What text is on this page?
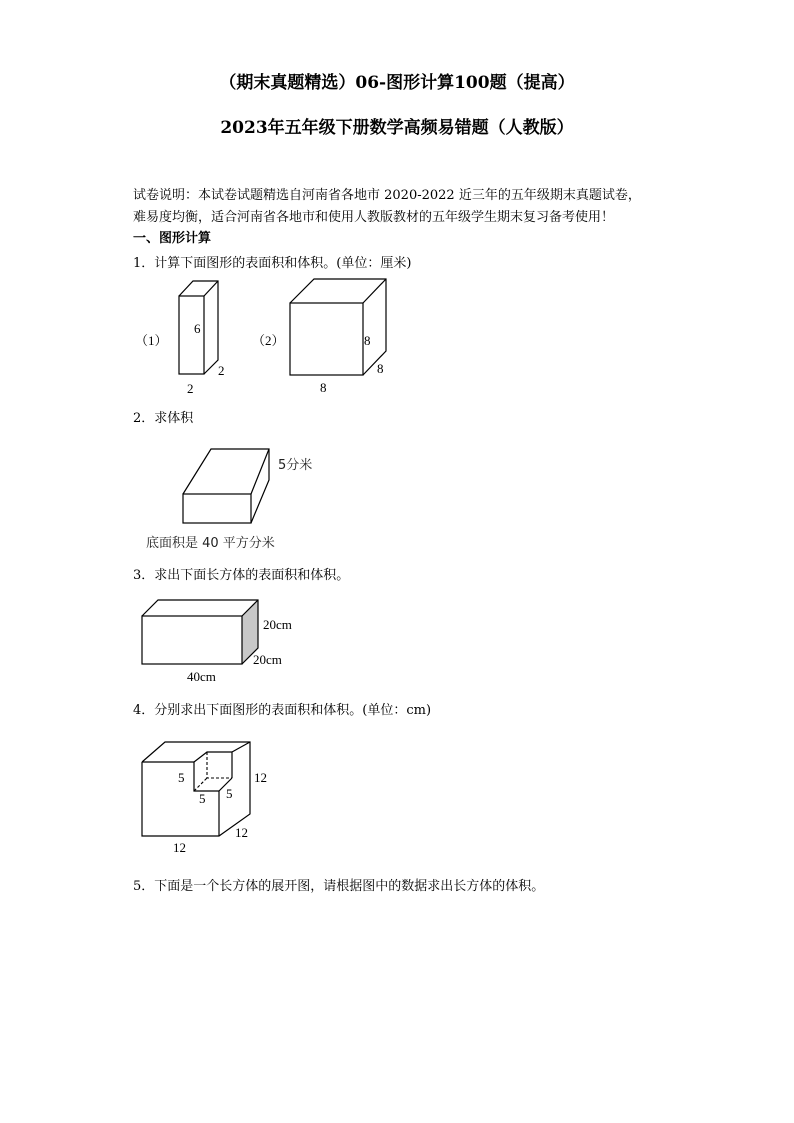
（期末真题精选）06-图形计算100题（提高）
2023年五年级下册数学高频易错题（人教版）
试卷说明：本试卷试题精选自河南省各地市 2020-2022 近三年的五年级期末真题试卷，
难易度均衡，适合河南省各地市和使用人教版教材的五年级学生期末复习备考使用！
一、图形计算
1．计算下面图形的表面积和体积。(单位：厘米)
2．求体积
3．求出下面长方体的表面积和体积。
4．分别求出下面图形的表面积和体积。(单位：cm)
5．下面是一个长方体的展开图，请根据图中的数据求出长方体的体积。
（1）
6
2
2
（2）	8
8
8
5分米
底面积是 40 平方分米
20cm
20cm
40cm
5
5 5
12
12
12
